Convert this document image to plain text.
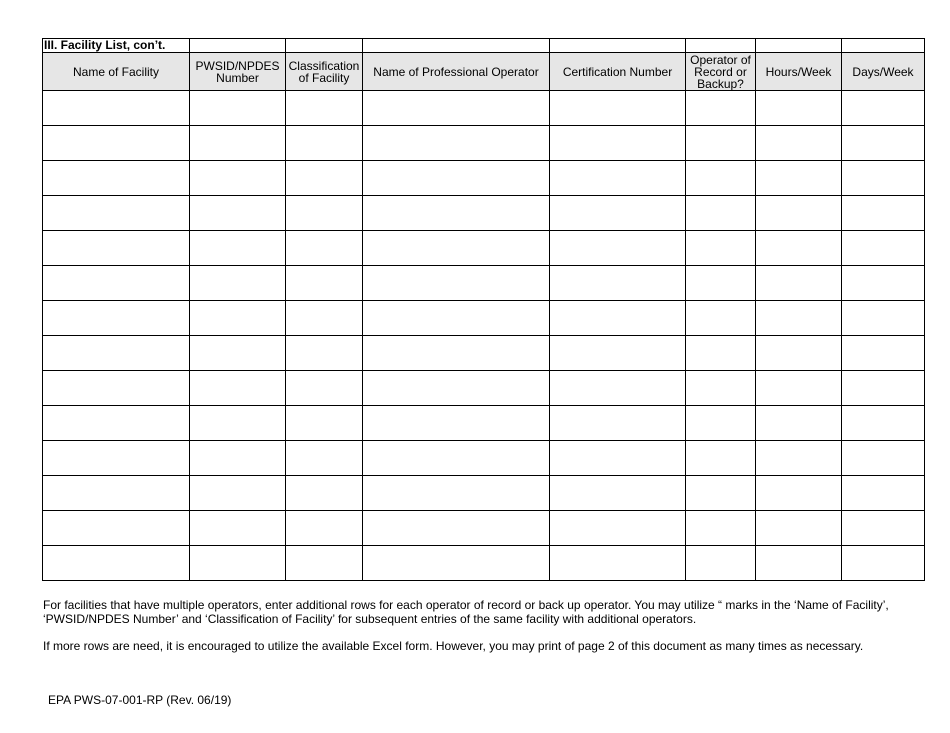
III. Facility List, con’t.							
Name of Facility	PWSID/NPDES Number	Classification of Facility	Name of Professional Operator	Certification Number	Operator of Record or Backup?	Hours/Week	Days/Week

For facilities that have multiple operators, enter additional rows for each operator of record or back up operator. You may utilize “ marks in the ‘Name of Facility’, ‘PWSID/NPDES Number’ and ‘Classification of Facility’ for subsequent entries of the same facility with additional operators.

If more rows are need, it is encouraged to utilize the available Excel form. However, you may print of page 2 of this document as many times as necessary.

EPA PWS-07-001-RP (Rev. 06/19)
